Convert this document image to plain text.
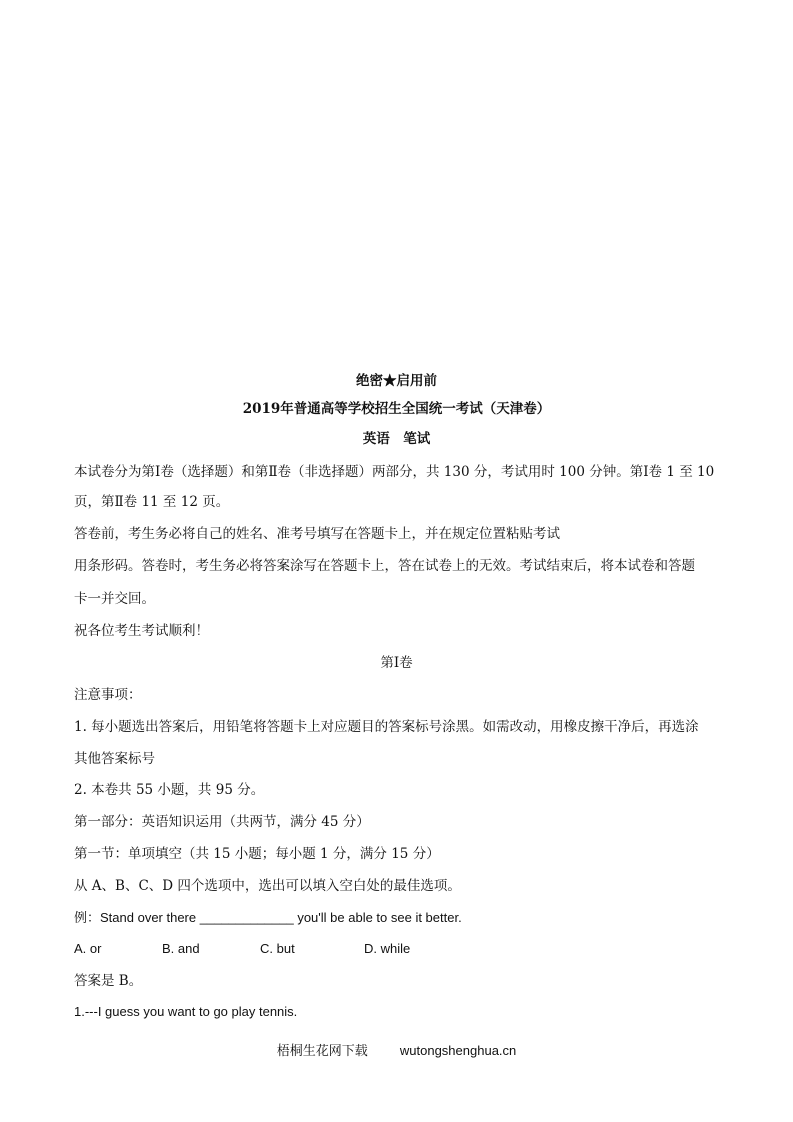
绝密★启用前
2019年普通高等学校招生全国统一考试（天津卷）
英语　笔试
本试卷分为第Ⅰ卷（选择题）和第Ⅱ卷（非选择题）两部分，共 130 分，考试用时 100 分钟。第Ⅰ卷 1 至 10
页，第Ⅱ卷 11 至 12 页。
答卷前，考生务必将自己的姓名、准考号填写在答题卡上，并在规定位置粘贴考试
用条形码。答卷时，考生务必将答案涂写在答题卡上，答在试卷上的无效。考试结束后，将本试卷和答题
卡一并交回。
祝各位考生考试顺利！
第Ⅰ卷
注意事项：
1. 每小题选出答案后，用铅笔将答题卡上对应题目的答案标号涂黑。如需改动，用橡皮擦干净后，再选涂
其他答案标号
2. 本卷共 55 小题，共 95 分。
第一部分：英语知识运用（共两节，满分 45 分）
第一节：单项填空（共 15 小题；每小题 1 分，满分 15 分）
从 A、B、C、D 四个选项中，选出可以填入空白处的最佳选项。
例：Stand over there _____________ you'll be able to see it better.
A. or	B. and	C. but	D. while
答案是 B。
1.---I guess you want to go play tennis.
梧桐生花网下载 wutongshenghua.cn
